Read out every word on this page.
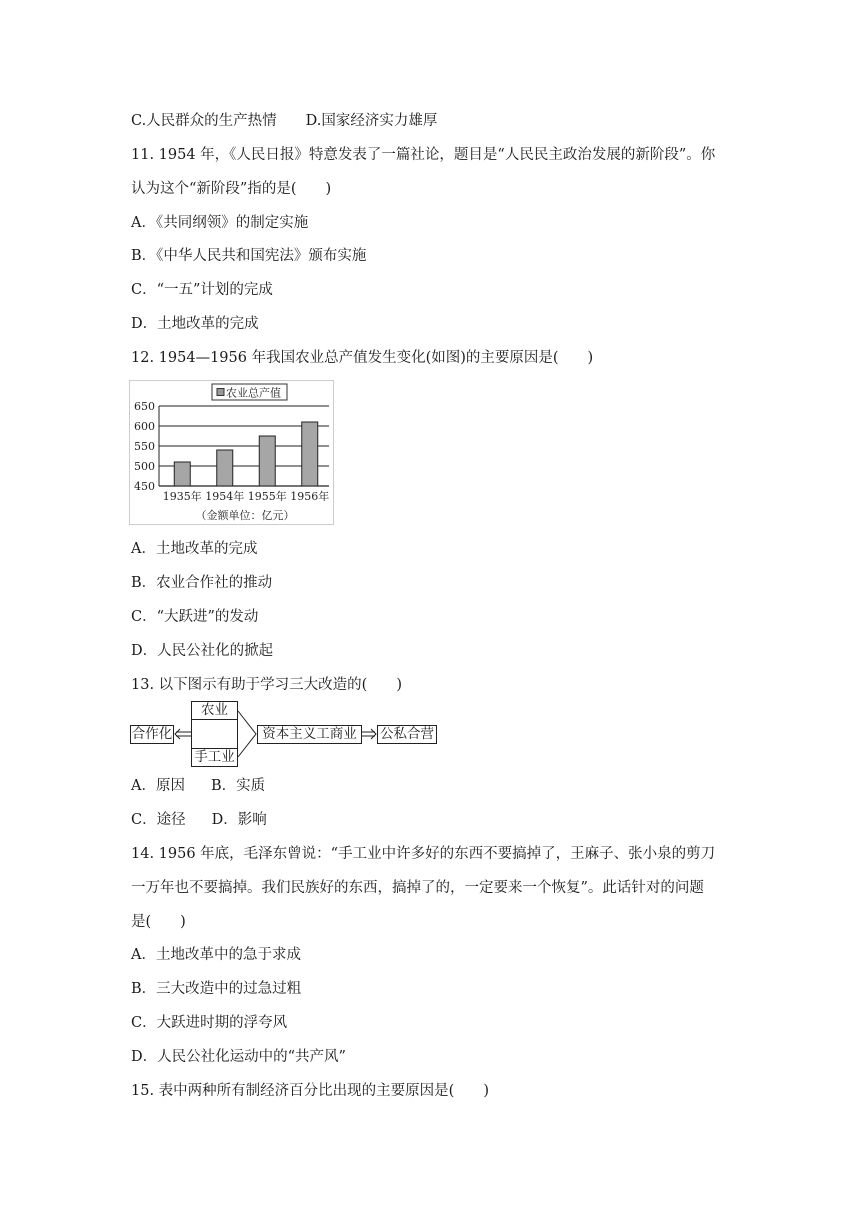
C.人民群众的生产热情　　D.国家经济实力雄厚
11. 1954 年，《人民日报》特意发表了一篇社论，题目是“人民民主政治发展的新阶段”。你
认为这个“新阶段”指的是(　　)
A．《共同纲领》的制定实施
B．《中华人民共和国宪法》颁布实施
C．“一五”计划的完成
D．土地改革的完成
12. 1954—1956 年我国农业总产值发生变化(如图)的主要原因是(　　)
农业总产值
650
600
550
500
450
1935年 1954年 1955年 1956年
（金额单位：亿元）
A．土地改革的完成
B．农业合作社的推动
C．“大跃进”的发动
D．人民公社化的掀起
13. 以下图示有助于学习三大改造的(　　)
农业
手工业
合作化	资本主义工商业	公私合营
A．原因 B．实质
C．途径 D．影响
14. 1956 年底，毛泽东曾说：“手工业中许多好的东西不要搞掉了，王麻子、张小泉的剪刀
一万年也不要搞掉。我们民族好的东西，搞掉了的，一定要来一个恢复”。此话针对的问题
是(　　)
A．土地改革中的急于求成
B．三大改造中的过急过粗
C．大跃进时期的浮夸风
D．人民公社化运动中的“共产风”
15. 表中两种所有制经济百分比出现的主要原因是(　　)
